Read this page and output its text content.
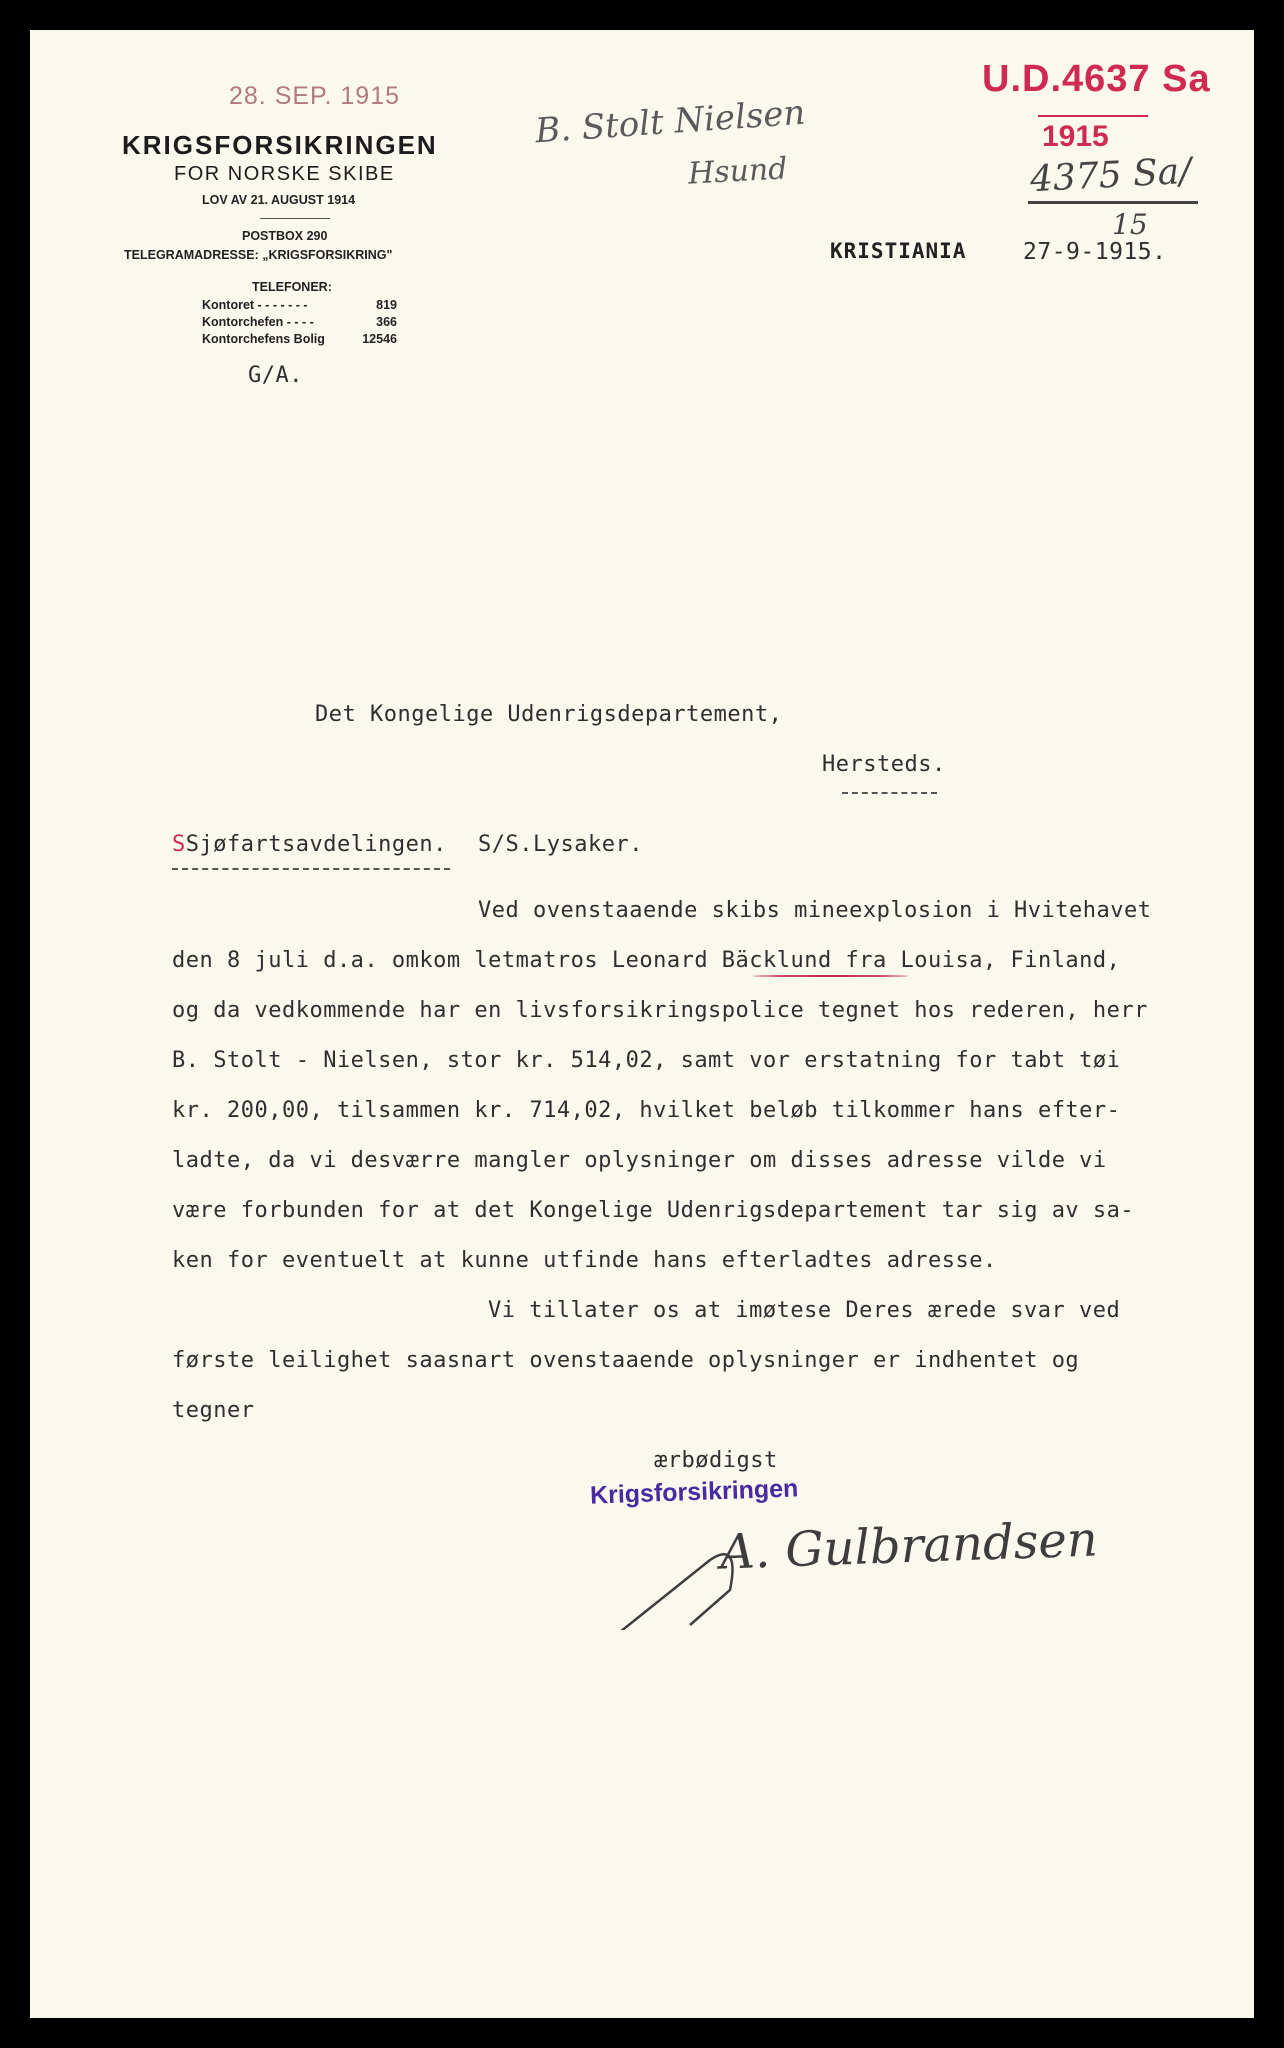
28. SEP. 1915
KRIGSFORSIKRINGEN
FOR NORSKE SKIBE
LOV AV 21. AUGUST 1914
POSTBOX 290
TELEGRAMADRESSE: „KRIGSFORSIKRING"
TELEFONER:
Kontoret - - - - - - -	819
Kontorchefen - - - -	366
Kontorchefens Bolig	12546
G/A.
B. Stolt Nielsen
Hsund
U.D.4637 Sa
1915
4375 Sa/
15
KRISTIANIA 27-9-1915.
Det Kongelige Udenrigsdepartement,
Hersteds.
SSjøfartsavdelingen. S/S.Lysaker.
Ved ovenstaaende skibs mineexplosion i Hvitehavet
den 8 juli d.a. omkom letmatros Leonard Bäcklund fra Louisa, Finland,
og da vedkommende har en livsforsikringspolice tegnet hos rederen, herr
B. Stolt - Nielsen, stor kr. 514,02, samt vor erstatning for tabt tøi
kr. 200,00, tilsammen kr. 714,02, hvilket beløb tilkommer hans efter-
ladte, da vi desværre mangler oplysninger om disses adresse vilde vi
være forbunden for at det Kongelige Udenrigsdepartement tar sig av sa-
ken for eventuelt at kunne utfinde hans efterladtes adresse.
Vi tillater os at imøtese Deres ærede svar ved
første leilighet saasnart ovenstaaende oplysninger er indhentet og
tegner
ærbødigst
Krigsforsikringen
A. Gulbrandsen
